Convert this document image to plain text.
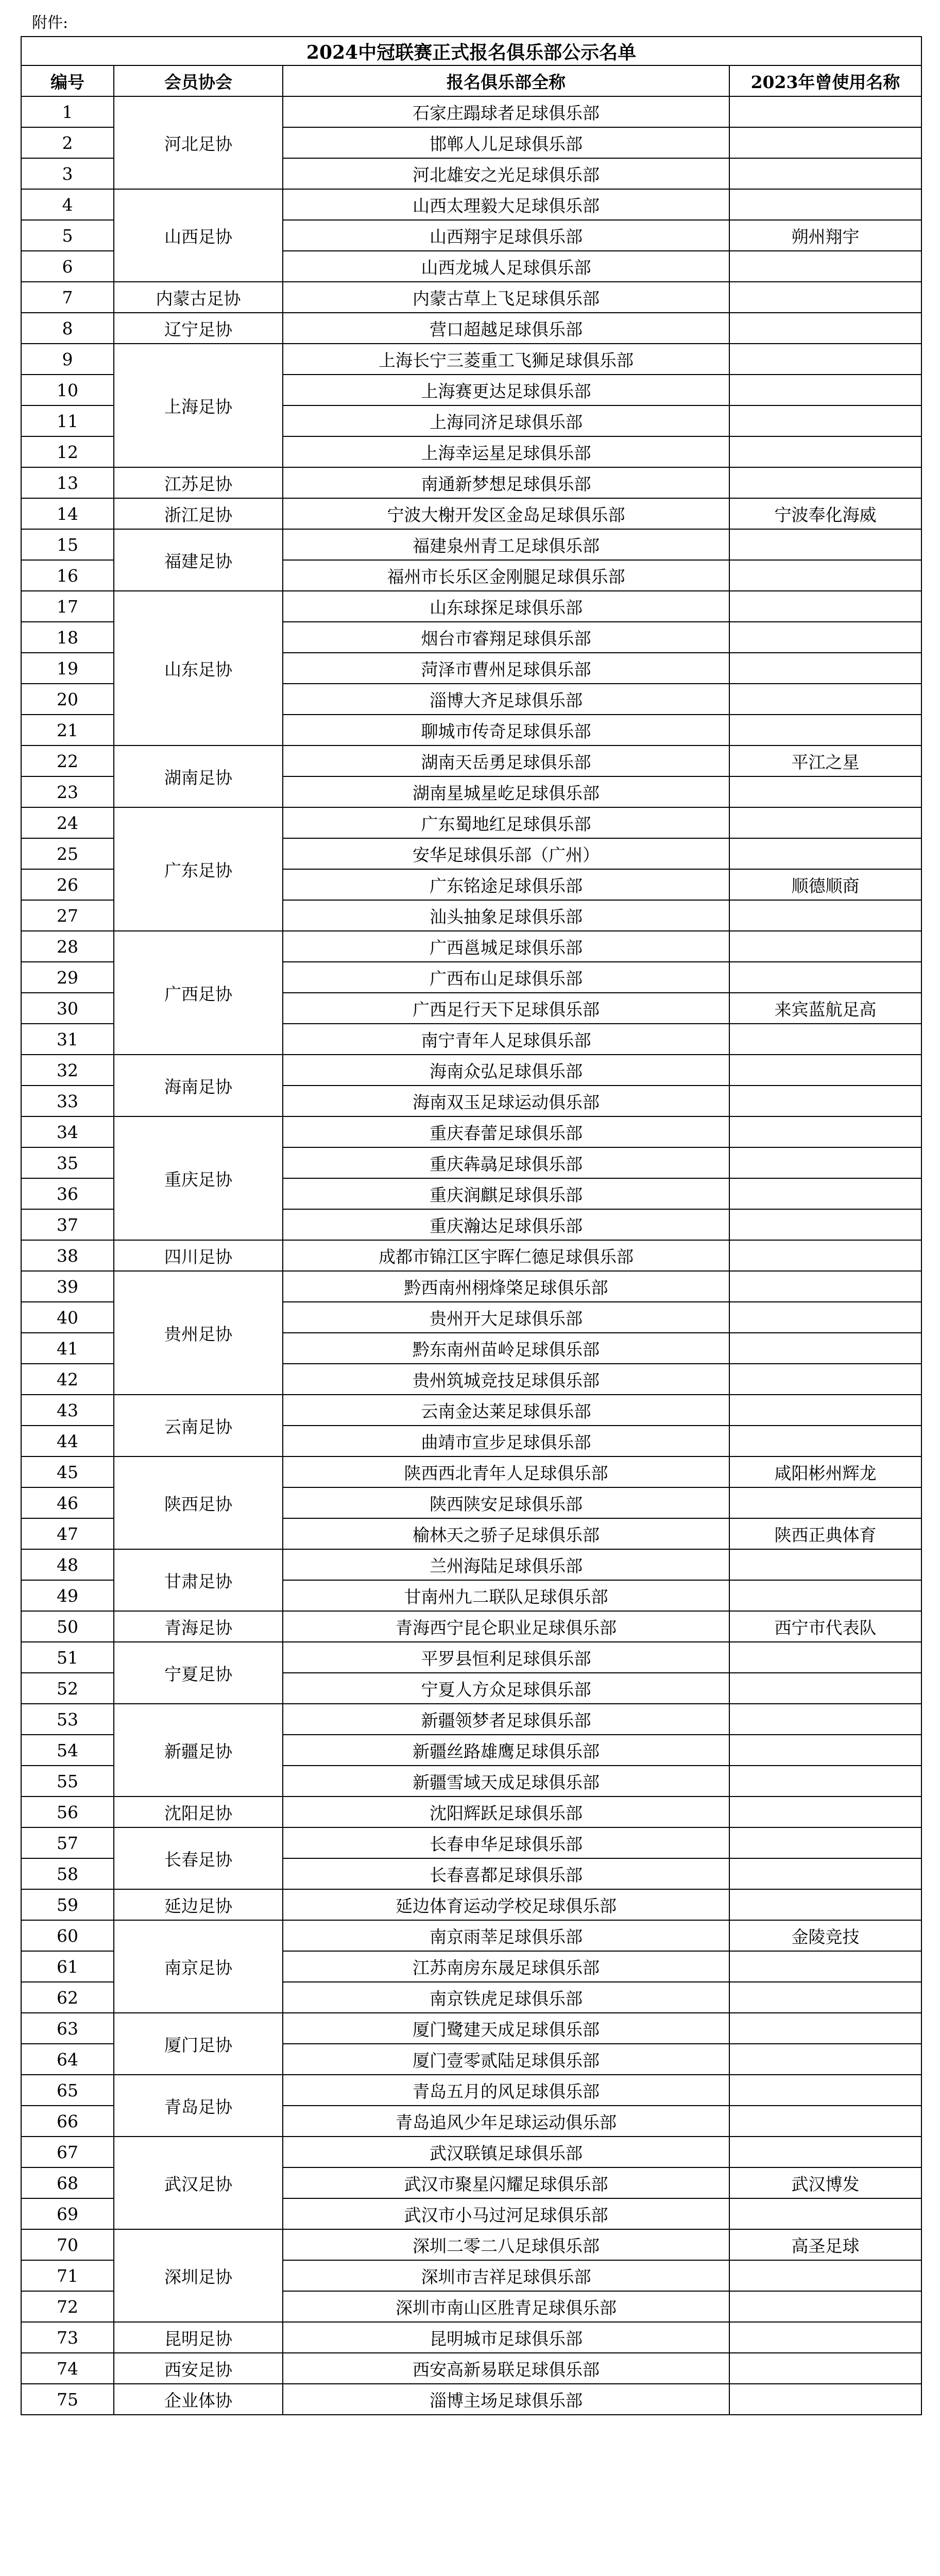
附件:
2024中冠联赛正式报名俱乐部公示名单			
编号	会员协会	报名俱乐部全称	2023年曾使用名称
1	河北足协	石家庄蹋球者足球俱乐部	
2		邯郸人儿足球俱乐部	
3		河北雄安之光足球俱乐部	
4	山西足协	山西太理毅大足球俱乐部	
5		山西翔宇足球俱乐部	朔州翔宇
6		山西龙城人足球俱乐部	
7	内蒙古足协	内蒙古草上飞足球俱乐部	
8	辽宁足协	营口超越足球俱乐部	
9	上海足协	上海长宁三菱重工飞狮足球俱乐部	
10		上海赛更达足球俱乐部	
11		上海同济足球俱乐部	
12		上海幸运星足球俱乐部	
13	江苏足协	南通新梦想足球俱乐部	
14	浙江足协	宁波大榭开发区金岛足球俱乐部	宁波奉化海威
15	福建足协	福建泉州青工足球俱乐部	
16		福州市长乐区金刚腿足球俱乐部	
17	山东足协	山东球探足球俱乐部	
18		烟台市睿翔足球俱乐部	
19		菏泽市曹州足球俱乐部	
20		淄博大齐足球俱乐部	
21		聊城市传奇足球俱乐部	
22	湖南足协	湖南天岳勇足球俱乐部	平江之星
23		湖南星城星屹足球俱乐部	
24	广东足协	广东蜀地红足球俱乐部	
25		安华足球俱乐部（广州）	
26		广东铭途足球俱乐部	顺德顺商
27		汕头抽象足球俱乐部	
28	广西足协	广西邕城足球俱乐部	
29		广西布山足球俱乐部	
30		广西足行天下足球俱乐部	来宾蓝航足高
31		南宁青年人足球俱乐部	
32	海南足协	海南众弘足球俱乐部	
33		海南双玉足球运动俱乐部	
34	重庆足协	重庆春蕾足球俱乐部	
35		重庆犇骉足球俱乐部	
36		重庆润麒足球俱乐部	
37		重庆瀚达足球俱乐部	
38	四川足协	成都市锦江区宇晖仁德足球俱乐部	
39	贵州足协	黔西南州栩烽棨足球俱乐部	
40		贵州开大足球俱乐部	
41		黔东南州苗岭足球俱乐部	
42		贵州筑城竞技足球俱乐部	
43	云南足协	云南金达莱足球俱乐部	
44		曲靖市宣步足球俱乐部	
45	陕西足协	陕西西北青年人足球俱乐部	咸阳彬州辉龙
46		陕西陕安足球俱乐部	
47		榆林天之骄子足球俱乐部	陕西正典体育
48	甘肃足协	兰州海陆足球俱乐部	
49		甘南州九二联队足球俱乐部	
50	青海足协	青海西宁昆仑职业足球俱乐部	西宁市代表队
51	宁夏足协	平罗县恒利足球俱乐部	
52		宁夏人方众足球俱乐部	
53	新疆足协	新疆领梦者足球俱乐部	
54		新疆丝路雄鹰足球俱乐部	
55		新疆雪域天成足球俱乐部	
56	沈阳足协	沈阳辉跃足球俱乐部	
57	长春足协	长春申华足球俱乐部	
58		长春喜都足球俱乐部	
59	延边足协	延边体育运动学校足球俱乐部	
60	南京足协	南京雨莘足球俱乐部	金陵竞技
61		江苏南房东晟足球俱乐部	
62		南京铁虎足球俱乐部	
63	厦门足协	厦门鹭建天成足球俱乐部	
64		厦门壹零贰陆足球俱乐部	
65	青岛足协	青岛五月的风足球俱乐部	
66		青岛追风少年足球运动俱乐部	
67	武汉足协	武汉联镇足球俱乐部	
68		武汉市聚星闪耀足球俱乐部	武汉博发
69		武汉市小马过河足球俱乐部	
70	深圳足协	深圳二零二八足球俱乐部	高圣足球
71		深圳市吉祥足球俱乐部	
72		深圳市南山区胜青足球俱乐部	
73	昆明足协	昆明城市足球俱乐部	
74	西安足协	西安高新易联足球俱乐部	
75	企业体协	淄博主场足球俱乐部	
